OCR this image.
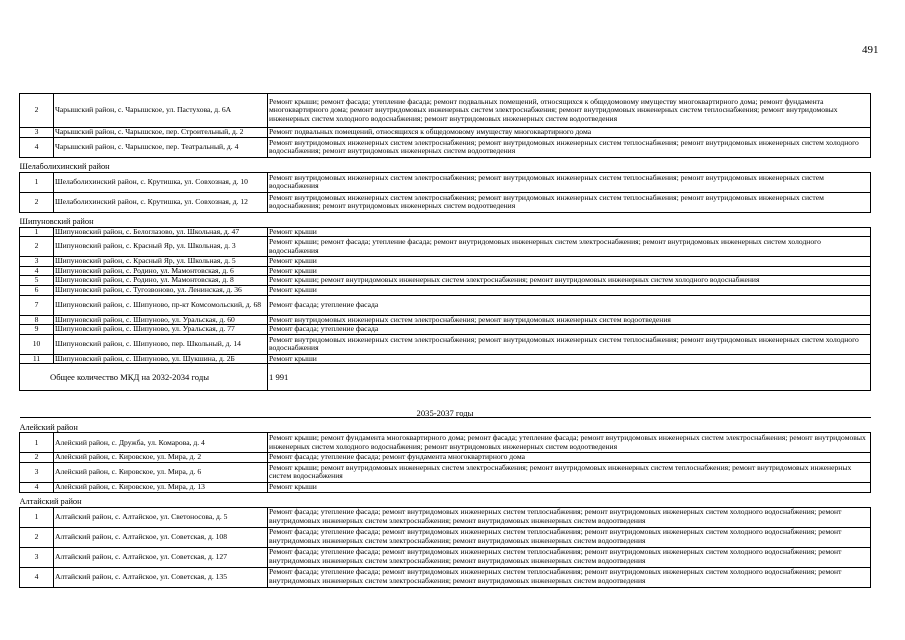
491
2	Чарышский район, с. Чарышское, ул. Пастухова, д. 6А	Ремонт крыши; ремонт фасада; утепление фасада; ремонт подвальных помещений, относящихся к общедомовому имуществу многоквартирного дома; ремонт фундамента многоквартирного дома; ремонт внутридомовых инженерных систем электроснабжения; ремонт внутридомовых инженерных систем теплоснабжения; ремонт внутридомовых инженерных систем холодного водоснабжения; ремонт внутридомовых инженерных систем водоотведения
3	Чарышский район, с. Чарышское, пер. Строительный, д. 2	Ремонт подвальных помещений, относящихся к общедомовому имуществу многоквартирного дома
4	Чарышский район, с. Чарышское, пер. Театральный, д. 4	Ремонт внутридомовых инженерных систем электроснабжения; ремонт внутридомовых инженерных систем теплоснабжения; ремонт внутридомовых инженерных систем холодного водоснабжения; ремонт внутридомовых инженерных систем водоотведения
Шелаболихинский район		
1	Шелаболихинский район, с. Крутишка, ул. Совхозная, д. 10	Ремонт внутридомовых инженерных систем электроснабжения; ремонт внутридомовых инженерных систем теплоснабжения; ремонт внутридомовых инженерных систем водоснабжения
2	Шелаболихинский район, с. Крутишка, ул. Совхозная, д. 12	Ремонт внутридомовых инженерных систем электроснабжения; ремонт внутридомовых инженерных систем теплоснабжения; ремонт внутридомовых инженерных систем водоснабжения; ремонт внутридомовых инженерных систем водоотведения
Шипуновский район		
1	Шипуновский район, с. Белоглазово, ул. Школьная, д. 47	Ремонт крыши
2	Шипуновский район, с. Красный Яр, ул. Школьная, д. 3	Ремонт крыши; ремонт фасада; утепление фасада; ремонт внутридомовых инженерных систем электроснабжения; ремонт внутридомовых инженерных систем холодного водоснабжения
3	Шипуновский район, с. Красный Яр, ул. Школьная, д. 5	Ремонт крыши
4	Шипуновский район, с. Родино, ул. Мамонтовская, д. 6	Ремонт крыши
5	Шипуновский район, с. Родино, ул. Мамонтовская, д. 8	Ремонт крыши; ремонт внутридомовых инженерных систем электроснабжения; ремонт внутридомовых инженерных систем холодного водоснабжения
6	Шипуновский район, с. Тугозвоново, ул. Ленинская, д. 36	Ремонт крыши
7	Шипуновский район, с. Шипуново, пр-кт Комсомольский, д. 68	Ремонт фасада; утепление фасада
8	Шипуновский район, с. Шипуново, ул. Уральская, д. 60	Ремонт внутридомовых инженерных систем электроснабжения; ремонт внутридомовых инженерных систем водоотведения
9	Шипуновский район, с. Шипуново, ул. Уральская, д. 77	Ремонт фасада; утепление фасада
10	Шипуновский район, с. Шипуново, пер. Школьный, д. 14	Ремонт внутридомовых инженерных систем электроснабжения; ремонт внутридомовых инженерных систем теплоснабжения; ремонт внутридомовых инженерных систем холодного водоснабжения
11	Шипуновский район, с. Шипуново, ул. Шукшина, д. 2Б	Ремонт крыши
Общее количество МКД на 2032-2034 годы		1 991
2035-2037 годы		
Алейский район		
1	Алейский район, с. Дружба, ул. Комарова, д. 4	Ремонт крыши; ремонт фундамента многоквартирного дома; ремонт фасада; утепление фасада; ремонт внутридомовых инженерных систем электроснабжения; ремонт внутридомовых инженерных систем холодного водоснабжения; ремонт внутридомовых инженерных систем водоотведения
2	Алейский район, с. Кировское, ул. Мира, д. 2	Ремонт фасада; утепление фасада; ремонт фундамента многоквартирного дома
3	Алейский район, с. Кировское, ул. Мира, д. 6	Ремонт крыши; ремонт внутридомовых инженерных систем электроснабжения; ремонт внутридомовых инженерных систем теплоснабжения; ремонт внутридомовых инженерных систем водоснабжения
4	Алейский район, с. Кировское, ул. Мира, д. 13	Ремонт крыши
Алтайский район		
1	Алтайский район, с. Алтайское, ул. Светоносова, д. 5	Ремонт фасада; утепление фасада; ремонт внутридомовых инженерных систем теплоснабжения; ремонт внутридомовых инженерных систем холодного водоснабжения; ремонт внутридомовых инженерных систем электроснабжения; ремонт внутридомовых инженерных систем водоотведения
2	Алтайский район, с. Алтайское, ул. Советская, д. 108	Ремонт фасада; утепление фасада; ремонт внутридомовых инженерных систем теплоснабжения; ремонт внутридомовых инженерных систем холодного водоснабжения; ремонт внутридомовых инженерных систем электроснабжения; ремонт внутридомовых инженерных систем водоотведения
3	Алтайский район, с. Алтайское, ул. Советская, д. 127	Ремонт фасада; утепление фасада; ремонт внутридомовых инженерных систем теплоснабжения; ремонт внутридомовых инженерных систем холодного водоснабжения; ремонт внутридомовых инженерных систем электроснабжения; ремонт внутридомовых инженерных систем водоотведения
4	Алтайский район, с. Алтайское, ул. Советская, д. 135	Ремонт фасада; утепление фасада; ремонт внутридомовых инженерных систем теплоснабжения; ремонт внутридомовых инженерных систем холодного водоснабжения; ремонт внутридомовых инженерных систем электроснабжения; ремонт внутридомовых инженерных систем водоотведения
